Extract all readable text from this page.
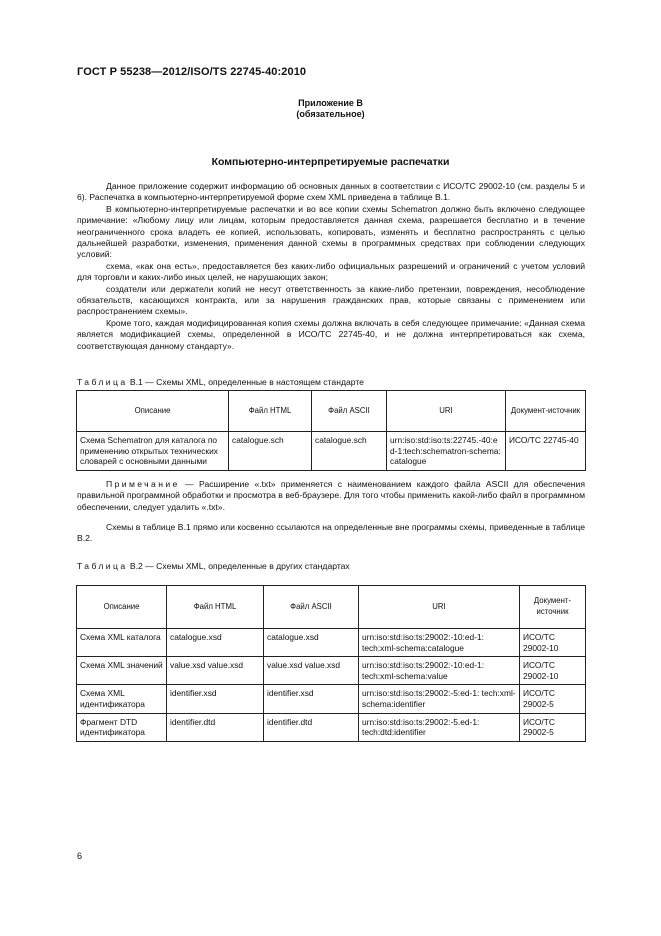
ГОСТ Р 55238—2012/ISO/TS 22745-40:2010
Приложение В
(обязательное)
Компьютерно-интерпретируемые распечатки

Данное приложение содержит информацию об основных данных в соответствии с ИСО/ТС 29002-10 (см. разделы 5 и 6). Распечатка в компьютерно-интерпретируемой форме схем XML приведена в таблице В.1.

В компьютерно-интерпретируемые распечатки и во все копии схемы Schematron должно быть включено следующее примечание: «Любому лицу или лицам, которым предоставляется данная схема, разрешается бесплатно и в течение неограниченного срока владеть ее копией, использовать, копировать, изменять и бесплатно распространять с целью дальнейшей разработки, изменения, применения данной схемы в программных средствах при соблюдении следующих условий:

схема, «как она есть», предоставляется без каких-либо официальных разрешений и ограничений с учетом условий для торговли и каких-либо иных целей, не нарушающих закон;

создатели или держатели копий не несут ответственность за какие-либо претензии, повреждения, несоблюдение обязательств, касающихся контракта, или за нарушения гражданских прав, которые связаны с применением или распространением схемы».

Кроме того, каждая модифицированная копия схемы должна включать в себя следующее примечание: «Данная схема является модификацией схемы, определенной в ИСО/ТС 22745-40, и не должна интерпретироваться как схема, соответствующая данному стандарту».

Таблица В.1 — Схемы XML, определенные в настоящем стандарте
Описание	Файл HTML	Файл ASCII	URI	Документ-источник
Схема Schematron для каталога по применению открытых технических словарей с основными данными	catalogue.sch	catalogue.sch	urn:iso:std:iso:ts:22745.-40:ed-1:tech:schematron-schema:catalogue	ИСО/ТС 22745-40

Примечание — Расширение «.txt» применяется с наименованием каждого файла ASCII для обеспечения правильной программной обработки и просмотра в веб-браузере. Для того чтобы применить какой-либо файл в программном обеспечении, следует удалить «.txt».

Схемы в таблице В.1 прямо или косвенно ссылаются на определенные вне программы схемы, приведенные в таблице В.2.

Таблица В.2 — Схемы XML, определенные в других стандартах
Описание	Файл HTML	Файл ASCII	URI	Документ-источник
Схема XML каталога	catalogue.xsd	catalogue.xsd	urn:iso:std:iso:ts:29002:-10:ed-1: tech:xml-schema:catalogue	ИСО/ТС 29002-10
Схема XML значений	value.xsd value.xsd	value.xsd value.xsd	urn:iso:std:iso:ts:29002:-10:ed-1: tech:xml-schema:value	ИСО/ТС 29002-10
Схема XML идентификатора	identifier.xsd	identifier.xsd	urn:iso:std:iso:ts:29002:-5:ed-1: tech:xml-schema:identifier	ИСО/ТС 29002-5
Фрагмент DTD идентификатора	identifier.dtd	identifier.dtd	urn:iso:std:iso:ts:29002:-5.ed-1: tech:dtd:identifier	ИСО/ТС 29002-5
6
